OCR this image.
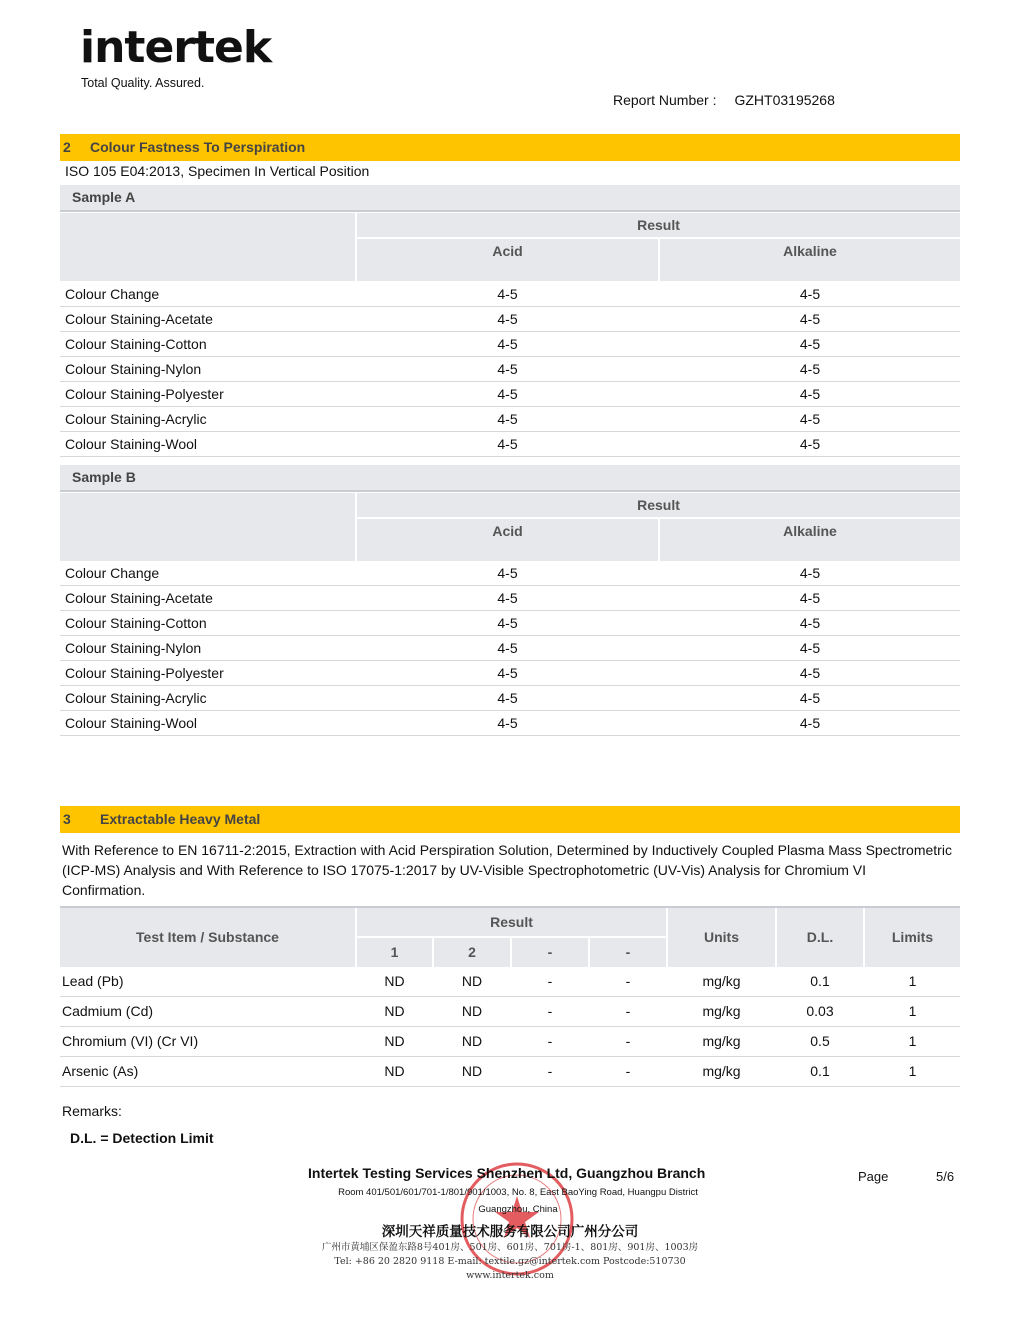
intertek
Total Quality. Assured.
Report Number : GZHT03195268
2 Colour Fastness To Perspiration
ISO 105 E04:2013, Specimen In Vertical Position
Sample A
Result
Acid	Alkaline
Colour Change	4-5	4-5
Colour Staining-Acetate	4-5	4-5
Colour Staining-Cotton	4-5	4-5
Colour Staining-Nylon	4-5	4-5
Colour Staining-Polyester	4-5	4-5
Colour Staining-Acrylic	4-5	4-5
Colour Staining-Wool	4-5	4-5
Sample B
Result
Acid	Alkaline
Colour Change	4-5	4-5
Colour Staining-Acetate	4-5	4-5
Colour Staining-Cotton	4-5	4-5
Colour Staining-Nylon	4-5	4-5
Colour Staining-Polyester	4-5	4-5
Colour Staining-Acrylic	4-5	4-5
Colour Staining-Wool	4-5	4-5
3 Extractable Heavy Metal
With Reference to EN 16711-2:2015, Extraction with Acid Perspiration Solution, Determined by Inductively Coupled Plasma Mass Spectrometric (ICP-MS) Analysis and With Reference to ISO 17075-1:2017 by UV-Visible Spectrophotometric (UV-Vis) Analysis for Chromium VI Confirmation.
Test Item / Substance
Result
1	2	-	-
Units	D.L.	Limits
Lead (Pb)	ND	ND	-	-	mg/kg	0.1	1
Cadmium (Cd)	ND	ND	-	-	mg/kg	0.03	1
Chromium (VI) (Cr VI)	ND	ND	-	-	mg/kg	0.5	1
Arsenic (As)	ND	ND	-	-	mg/kg	0.1	1
Remarks:
D.L. = Detection Limit
Intertek Testing Services Shenzhen Ltd, Guangzhou Branch
Room 401/501/601/701-1/801/901/1003, No. 8, East BaoYing Road, Huangpu District
Guangzhou, China
深圳天祥质量技术服务有限公司广州分公司
广州市黄埔区保盈东路8号401房、501房、601房、701房-1、801房、901房、1003房
Tel: +86 20 2820 9118 E-mail: textile.gz@intertek.com Postcode:510730
www.intertek.com
Page	5/6
